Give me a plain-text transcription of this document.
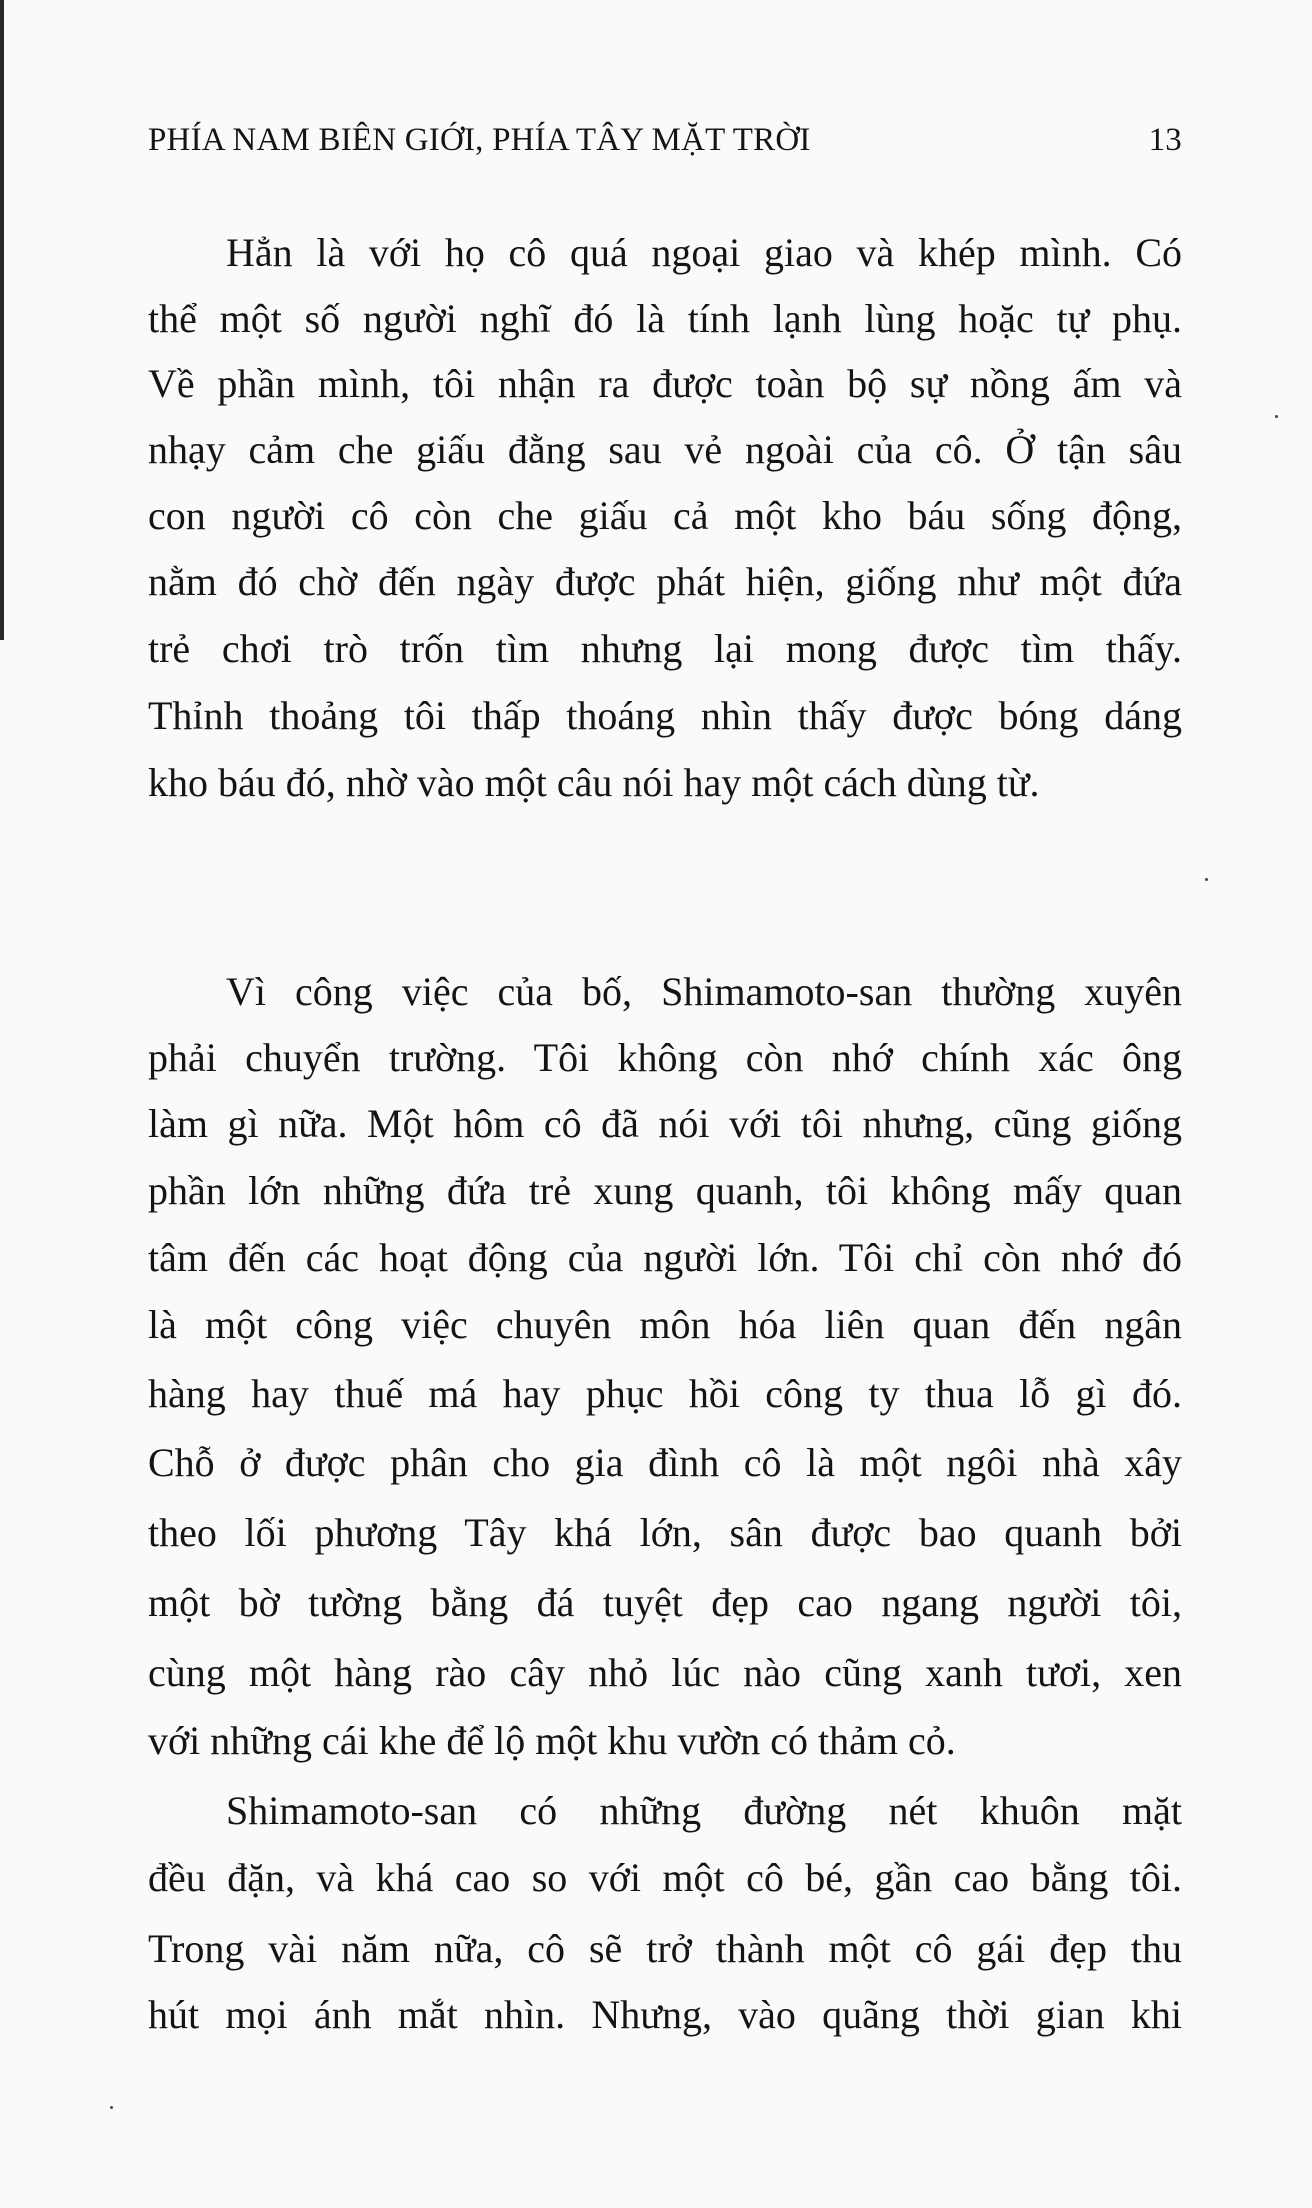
PHÍA NAM BIÊN GIỚI, PHÍA TÂY MẶT TRỜI	13
Hẳn là với họ cô quá ngoại giao và khép mình. Có
thể một số người nghĩ đó là tính lạnh lùng hoặc tự phụ.
Về phần mình, tôi nhận ra được toàn bộ sự nồng ấm và
nhạy cảm che giấu đằng sau vẻ ngoài của cô. Ở tận sâu
con người cô còn che giấu cả một kho báu sống động,
nằm đó chờ đến ngày được phát hiện, giống như một đứa
trẻ chơi trò trốn tìm nhưng lại mong được tìm thấy.
Thỉnh thoảng tôi thấp thoáng nhìn thấy được bóng dáng
kho báu đó, nhờ vào một câu nói hay một cách dùng từ.
Vì công việc của bố, Shimamoto-san thường xuyên
phải chuyển trường. Tôi không còn nhớ chính xác ông
làm gì nữa. Một hôm cô đã nói với tôi nhưng, cũng giống
phần lớn những đứa trẻ xung quanh, tôi không mấy quan
tâm đến các hoạt động của người lớn. Tôi chỉ còn nhớ đó
là một công việc chuyên môn hóa liên quan đến ngân
hàng hay thuế má hay phục hồi công ty thua lỗ gì đó.
Chỗ ở được phân cho gia đình cô là một ngôi nhà xây
theo lối phương Tây khá lớn, sân được bao quanh bởi
một bờ tường bằng đá tuyệt đẹp cao ngang người tôi,
cùng một hàng rào cây nhỏ lúc nào cũng xanh tươi, xen
với những cái khe để lộ một khu vườn có thảm cỏ.
Shimamoto-san có những đường nét khuôn mặt
đều đặn, và khá cao so với một cô bé, gần cao bằng tôi.
Trong vài năm nữa, cô sẽ trở thành một cô gái đẹp thu
hút mọi ánh mắt nhìn. Nhưng, vào quãng thời gian khi
